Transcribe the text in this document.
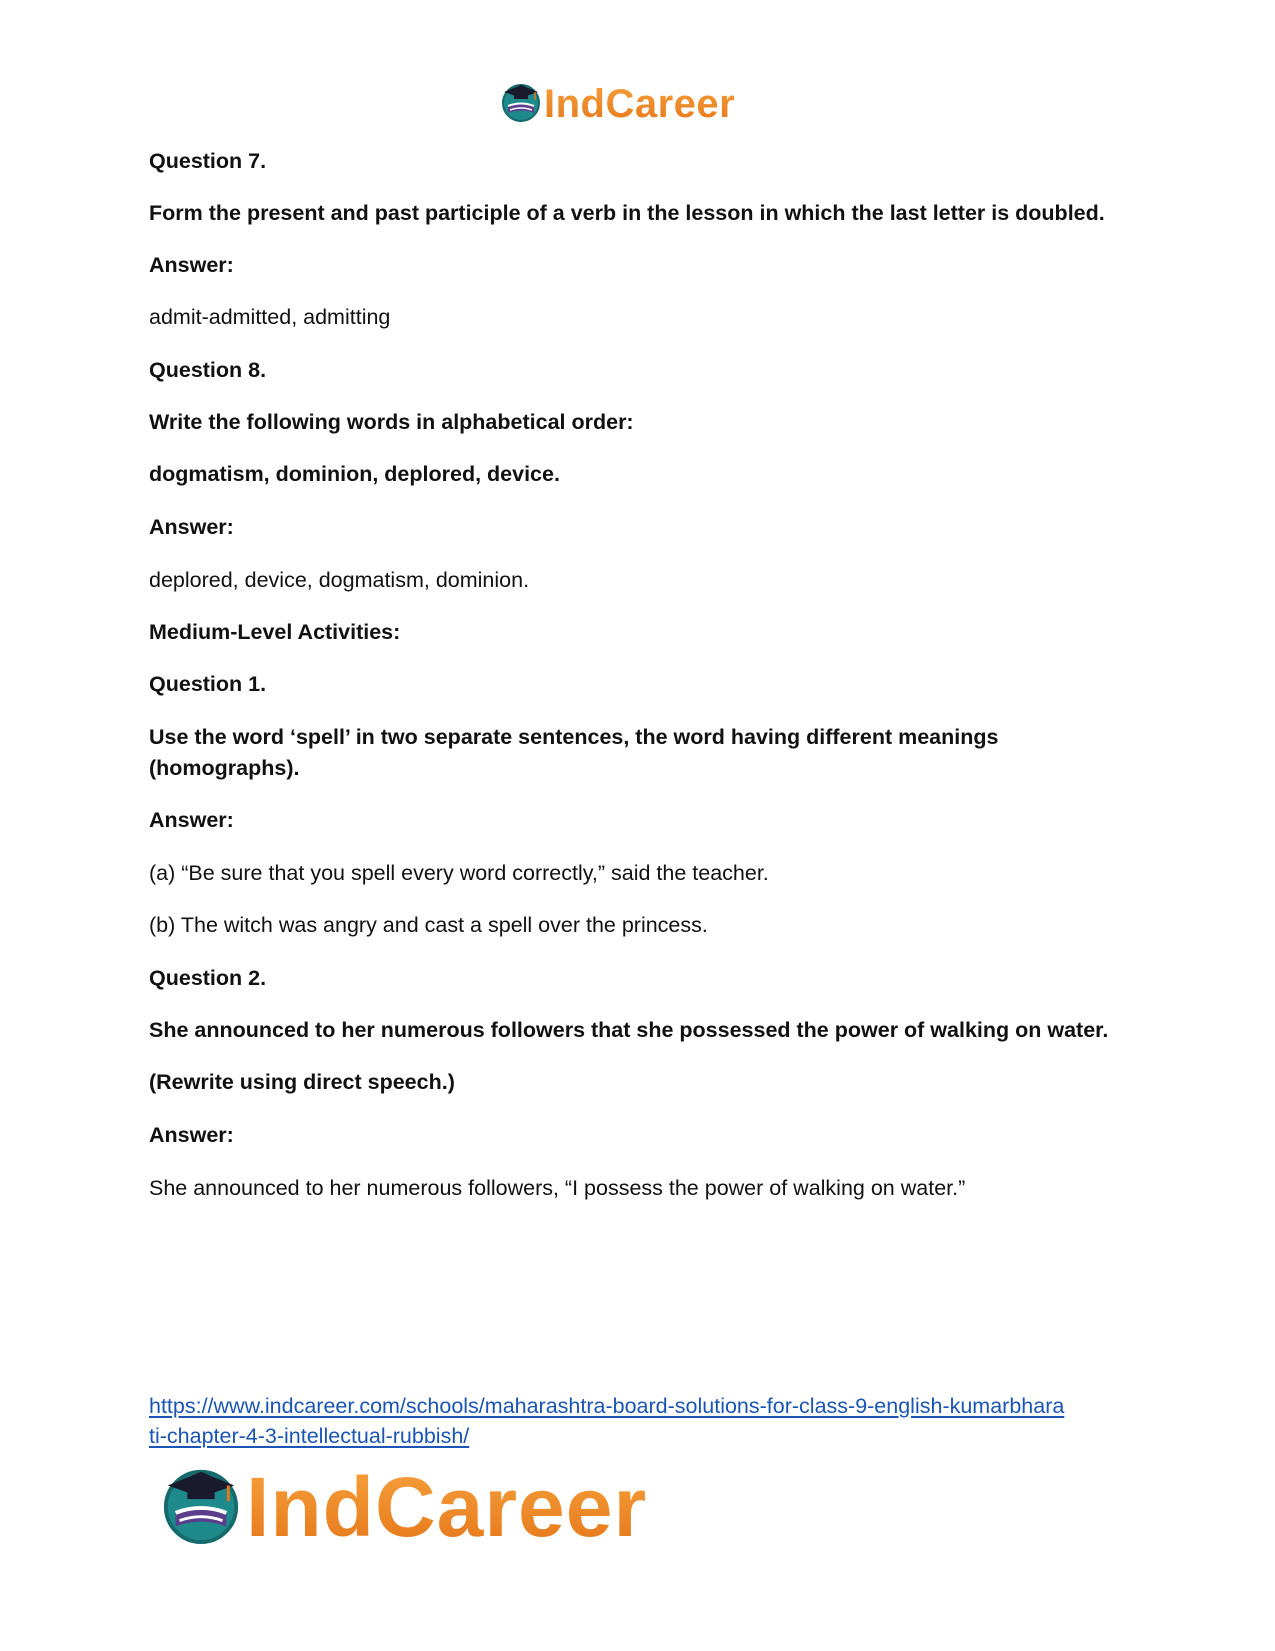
IndCareer

Question 7.

Form the present and past participle of a verb in the lesson in which the last letter is doubled.

Answer:

admit-admitted, admitting

Question 8.

Write the following words in alphabetical order:

dogmatism, dominion, deplored, device.

Answer:

deplored, device, dogmatism, dominion.

Medium-Level Activities:

Question 1.

Use the word ‘spell’ in two separate sentences, the word having different meanings (homographs).

Answer:

(a) “Be sure that you spell every word correctly,” said the teacher.

(b) The witch was angry and cast a spell over the princess.

Question 2.

She announced to her numerous followers that she possessed the power of walking on water.

(Rewrite using direct speech.)

Answer:

She announced to her numerous followers, “I possess the power of walking on water.”

https://www.indcareer.com/schools/maharashtra-board-solutions-for-class-9-english-kumarbhara
ti-chapter-4-3-intellectual-rubbish/
IndCareer
